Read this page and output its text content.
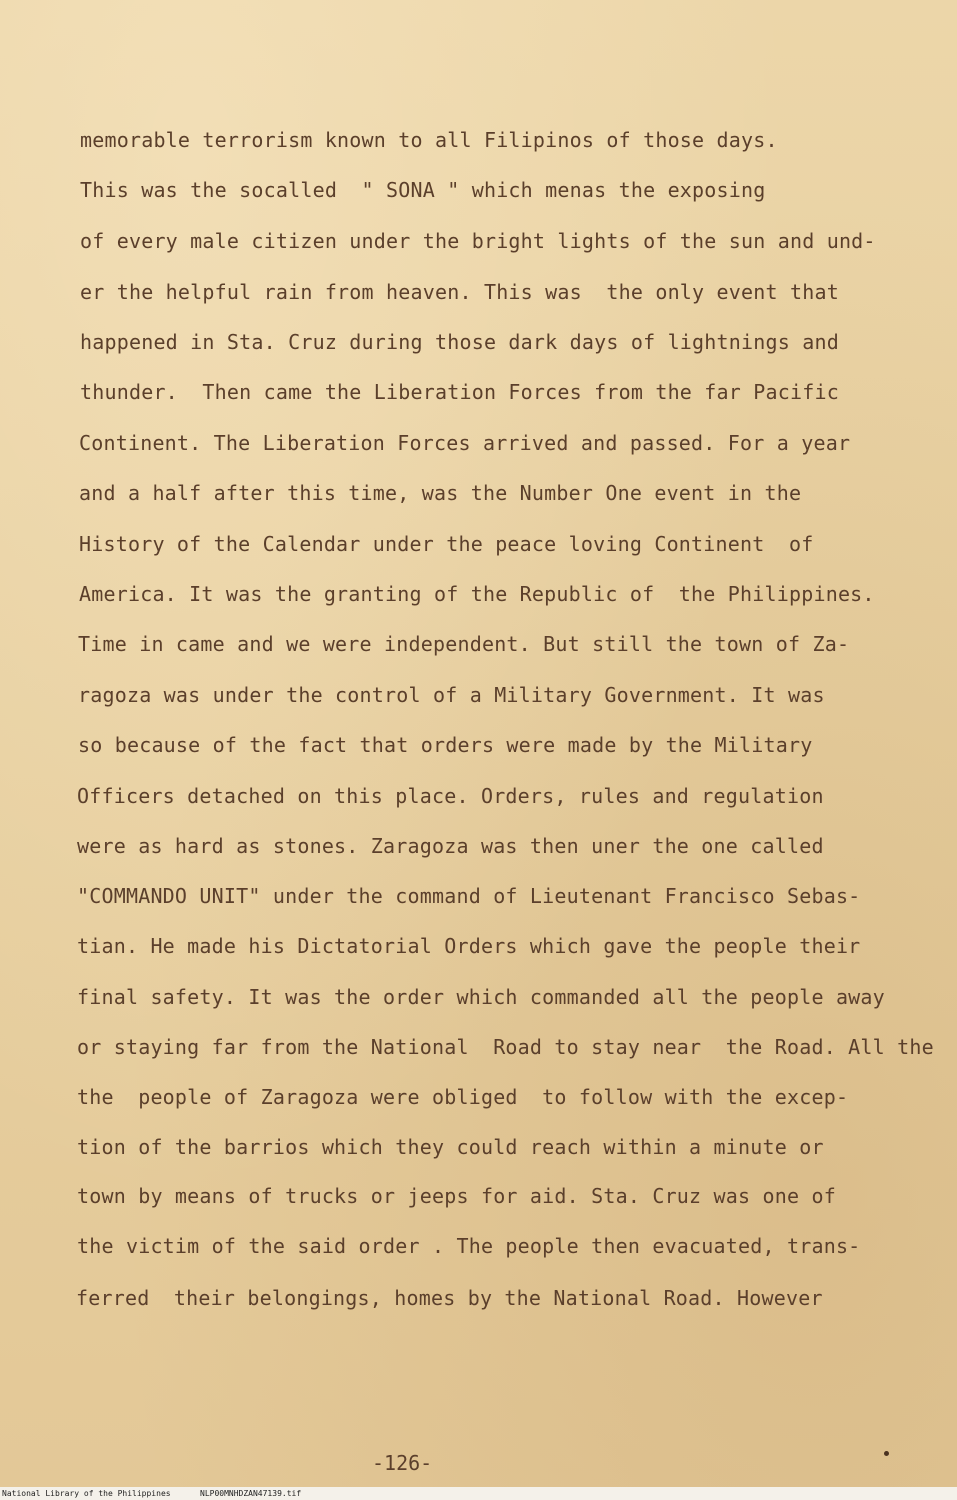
memorable terrorism known to all Filipinos of those days.
This was the socalled  " SONA " which menas the exposing
of every male citizen under the bright lights of the sun and und-
er the helpful rain from heaven. This was  the only event that
happened in Sta. Cruz during those dark days of lightnings and
thunder.  Then came the Liberation Forces from the far Pacific
Continent. The Liberation Forces arrived and passed. For a year
and a half after this time, was the Number One event in the
History of the Calendar under the peace loving Continent  of
America. It was the granting of the Republic of  the Philippines.
Time in came and we were independent. But still the town of Za-
ragoza was under the control of a Military Government. It was
so because of the fact that orders were made by the Military
Officers detached on this place. Orders, rules and regulation
were as hard as stones. Zaragoza was then uner the one called
"COMMANDO UNIT" under the command of Lieutenant Francisco Sebas-
tian. He made his Dictatorial Orders which gave the people their
final safety. It was the order which commanded all the people away
or staying far from the National  Road to stay near  the Road. All the
the  people of Zaragoza were obliged  to follow with the excep-
tion of the barrios which they could reach within a minute or
town by means of trucks or jeeps for aid. Sta. Cruz was one of
the victim of the said order . The people then evacuated, trans-
ferred  their belongings, homes by the National Road. However
-126-
National Library of the Philippines	NLP00MNHDZAN47139.tif
